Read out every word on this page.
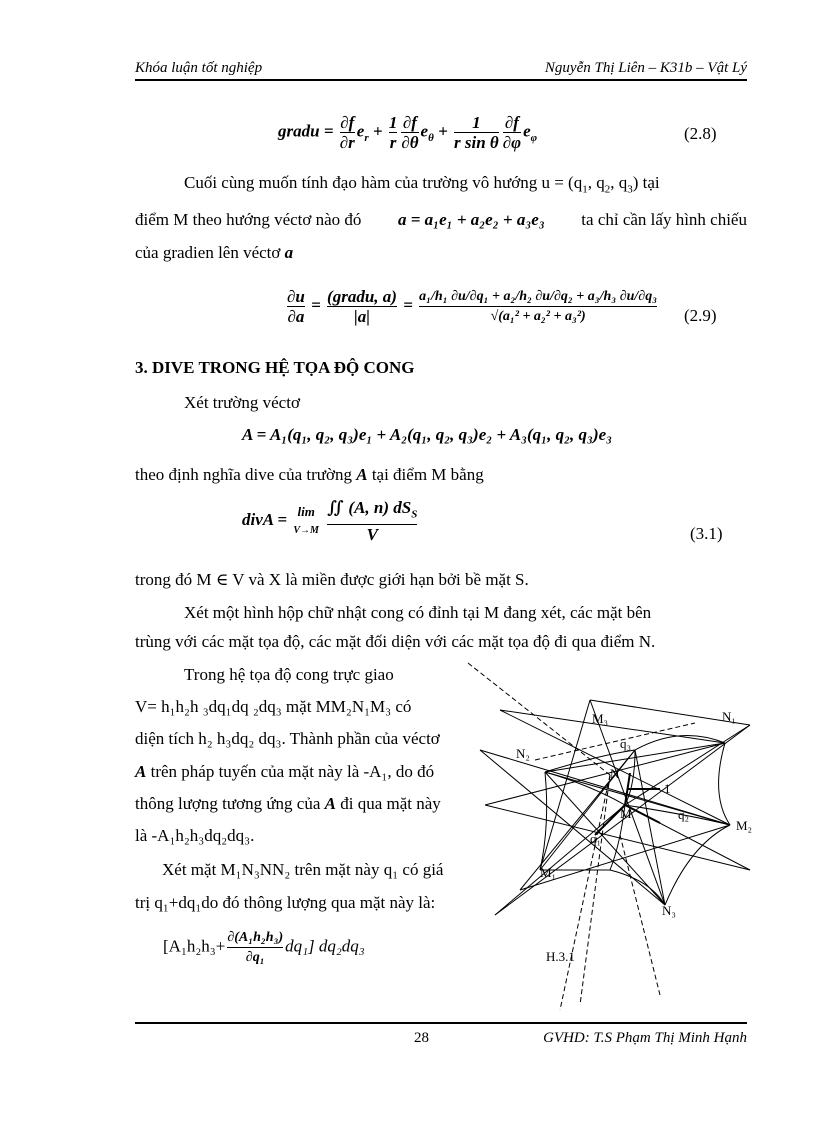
Khóa luận tốt nghiệp	Nguyễn Thị Liên – K31b – Vật Lý
gradu = $\frac{\partial f}{\partial r} e_r + \frac{1}{r} \frac{\partial f}{\partial\theta} e_\theta + \frac{1}{\text{r sin θ}} \frac{\partial f}{\partial\varphi} e_\varphi$	(2.8)
Cuối cùng muốn tính đạo hàm của trường vô hướng $u = (q_1$, $q_2$, $q_3$) tại
điểm M theo hướng véctơ nào đó a = a₁e₁ + a₂e₂ + a₃e₃ ta chỉ cần lấy hình chiếu
của gradien lên véctơ a
$\frac{\partial u}{\partial a} = \frac{\text{(gradu, a)}}{|a|} = \frac{\text{a₁/h₁ ∂u/∂q₁ + a₂/h₂ ∂u/∂q₂ + a₃/h₃ ∂u/∂q₃}}{\text{√(a₁² + a₂² + a₃²)}} (2.9)$
3. DIVE TRONG HỆ TỌA ĐỘ CONG
Xét trường véctơ
A = A₁(q₁, q₂, q₃)e₁ + A₂(q₁, q₂, q₃)e₂ + A₃(q₁, q₂, q₃)e₃
theo định nghĩa dive của trường A tại điểm M bằng
divA = lim
V→M
$\frac{∬ (A, n) dS_S}{V}$	(3.1)
trong đó M ∈ V và X là miền được giới hạn bởi bề mặt S.
Xét một hình hộp chữ nhật cong có đỉnh tại M đang xét, các mặt bên
trùng với các mặt tọa độ, các mặt đối diện với các mặt tọa độ đi qua điểm N.
Trong hệ tọa độ cong trực giao
V= h₁h₂h ₃dq₁dq ₂dq₃ mặt MM₂N₁M₃ có
diện tích h₂ h₃dq₂ dq₃. Thành phần của véctơ
A trên pháp tuyến của mặt này là -A₁, do đó
thông lượng tương ứng của A đi qua mặt này
là -A₁h₂h₃dq₂dq₃.
Xét mặt M₁N₃NN₂ trên mặt này q₁ có giá
trị q₁+dq₁do đó thông lượng qua mặt này là:
$[A_1h_2h_3+ \frac{\text{∂(A₁h₂h₃)}}{\text{∂q₁}} dq_1]$ dq₂dq₃
M₃	N₁
N₂
q₃
N
1
M	q₂
M₂
q₁
M₁
N₃
H.3.1
28	GVHD: T.S Phạm Thị Minh Hạnh
